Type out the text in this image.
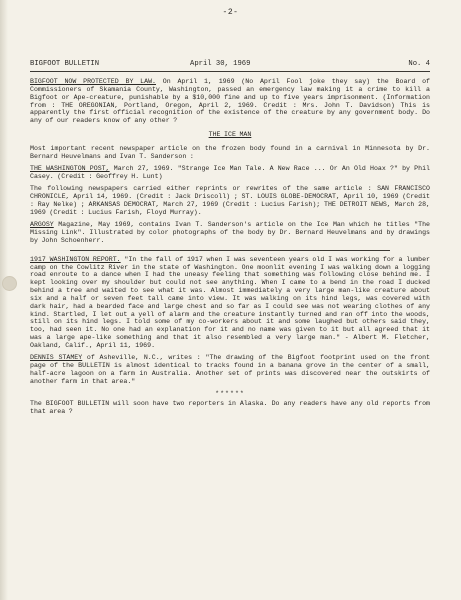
-2-
BIGFOOT BULLETIN	April 30, 1969	No. 4

BIGFOOT NOW PROTECTED BY LAW. On April 1, 1969 (No April Fool joke they say) the Board of Commissioners of Skamania County, Washington, passed an emergency law making it a crime to kill a Bigfoot or Ape-creature, punishable by a $10,000 fine and up to five years imprisonment. (Information from : THE OREGONIAN, Portland, Oregon, April 2, 1969. Credit : Mrs. John T. Davidson) This is apparently the first official recognition of the existence of the creature by any government body. Do any of our readers know of any other ?

THE ICE MAN

Most important recent newspaper article on the frozen body found in a carnival in Minnesota by Dr. Bernard Heuvelmans and Ivan T. Sanderson :

THE WASHINGTON POST, March 27, 1969. "Strange Ice Man Tale. A New Race ... Or An Old Hoax ?" by Phil Casey. (Credit : Geoffrey H. Lunt)

The following newspapers carried either reprints or rewrites of the same article : SAN FRANCISCO CHRONICLE, April 14, 1969. (Credit : Jack Driscoll) ; ST. LOUIS GLOBE-DEMOCRAT, April 10, 1969 (Credit : Ray Nelke) ; ARKANSAS DEMOCRAT, March 27, 1969 (Credit : Lucius Farish); THE DETROIT NEWS, March 28, 1969 (Credit : Lucius Farish, Floyd Murray).

ARGOSY Magazine, May 1969, contains Ivan T. Sanderson's article on the Ice Man which he titles "The Missing Link". Illustrated by color photographs of the body by Dr. Bernard Heuvelmans and by drawings by John Schoenherr.

1917 WASHINGTON REPORT. "In the fall of 1917 when I was seventeen years old I was working for a lumber camp on the Cowlitz River in the state of Washington. One moonlit evening I was walking down a logging road enroute to a dance when I had the uneasy feeling that something was following close behind me. I kept looking over my shoulder but could not see anything. When I came to a bend in the road I ducked behind a tree and waited to see what it was. Almost immediately a very large man-like creature about six and a half or seven feet tall came into view. It was walking on its hind legs, was covered with dark hair, had a bearded face and large chest and so far as I could see was not wearing clothes of any kind. Startled, I let out a yell of alarm and the creature instantly turned and ran off into the woods, still on its hind legs. I told some of my co-workers about it and some laughed but others said they, too, had seen it. No one had an explanation for it and no name was given to it but all agreed that it was a large ape-like something and that it also resembled a very large man." - Albert M. Fletcher, Oakland, Calif., April 11, 1969.

DENNIS STAMEY of Asheville, N.C., writes : "The drawing of the Bigfoot footprint used on the front page of the BULLETIN is almost identical to tracks found in a banana grove in the center of a small, half-acre lagoon on a farm in Australia. Another set of prints was discovered near the outskirts of another farm in that area."

******

The BIGFOOT BULLETIN will soon have two reporters in Alaska. Do any readers have any old reports from that area ?
